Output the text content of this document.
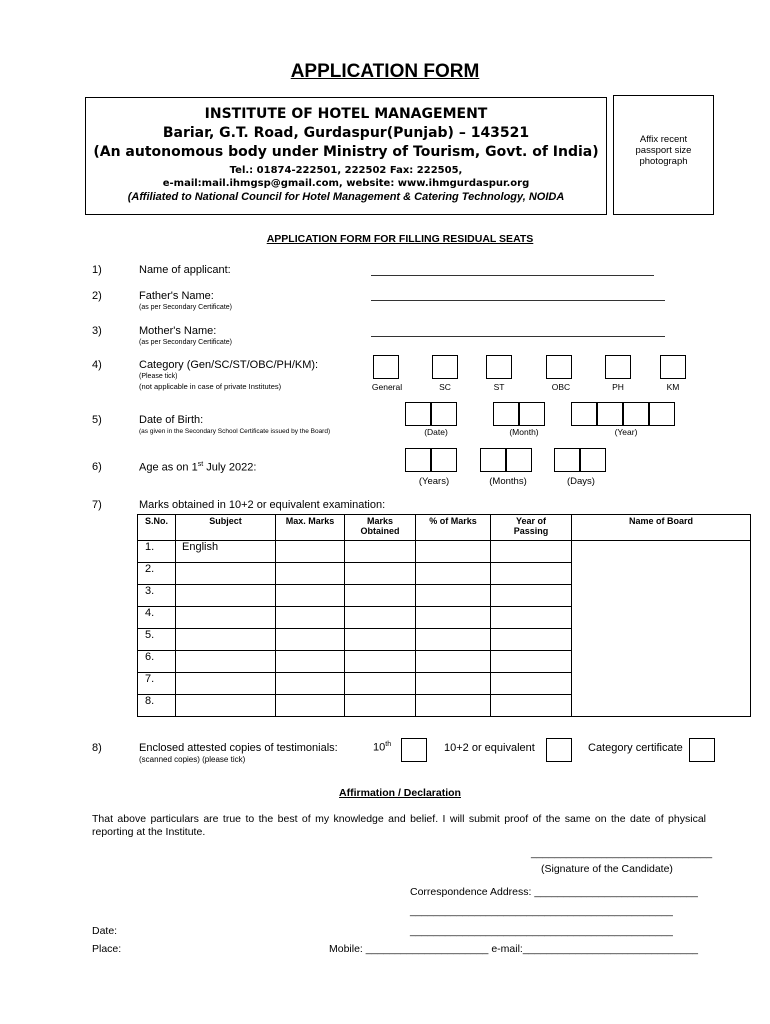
APPLICATION FORM
INSTITUTE OF HOTEL MANAGEMENT
Bariar, G.T. Road, Gurdaspur(Punjab) – 143521
(An autonomous body under Ministry of Tourism, Govt. of India)
Tel.: 01874-222501, 222502 Fax: 222505,
e-mail:mail.ihmgsp@gmail.com, website: www.ihmgurdaspur.org
(Affiliated to National Council for Hotel Management & Catering Technology, NOIDA
Affix recent passport size photograph
APPLICATION FORM FOR FILLING RESIDUAL SEATS
1)	Name of applicant:
2)	Father's Name:
(as per Secondary Certificate)
3)	Mother's Name:
(as per Secondary Certificate)
4)	Category (Gen/SC/ST/OBC/PH/KM):
(Please tick)
(not applicable in case of private Institutes)	General	SC	ST	OBC	PH	KM
5)	Date of Birth:
(as given in the Secondary School Certificate issued by the Board)	(Date)	(Month)	(Year)
6)	Age as on 1st July 2022:
(Years)	(Months)	(Days)
7)	Marks obtained in 10+2 or equivalent examination:
S.No.	Subject	Max. Marks	Marks Obtained	% of Marks	Year of Passing	Name of Board
1.	English					
2.						
3.						
4.						
5.						
6.						
7.						
8.						
8)	Enclosed attested copies of testimonials:
(scanned copies) (please tick)
10th	10+2 or equivalent	Category certificate
Affirmation / Declaration
That above particulars are true to the best of my knowledge and belief. I will submit proof of the same on the date of physical reporting at the Institute.
_______________________________
(Signature of the Candidate)
Correspondence Address: ____________________________
_____________________________________________
_____________________________________________
Date:
Place:	Mobile: _____________________ e-mail:______________________________
